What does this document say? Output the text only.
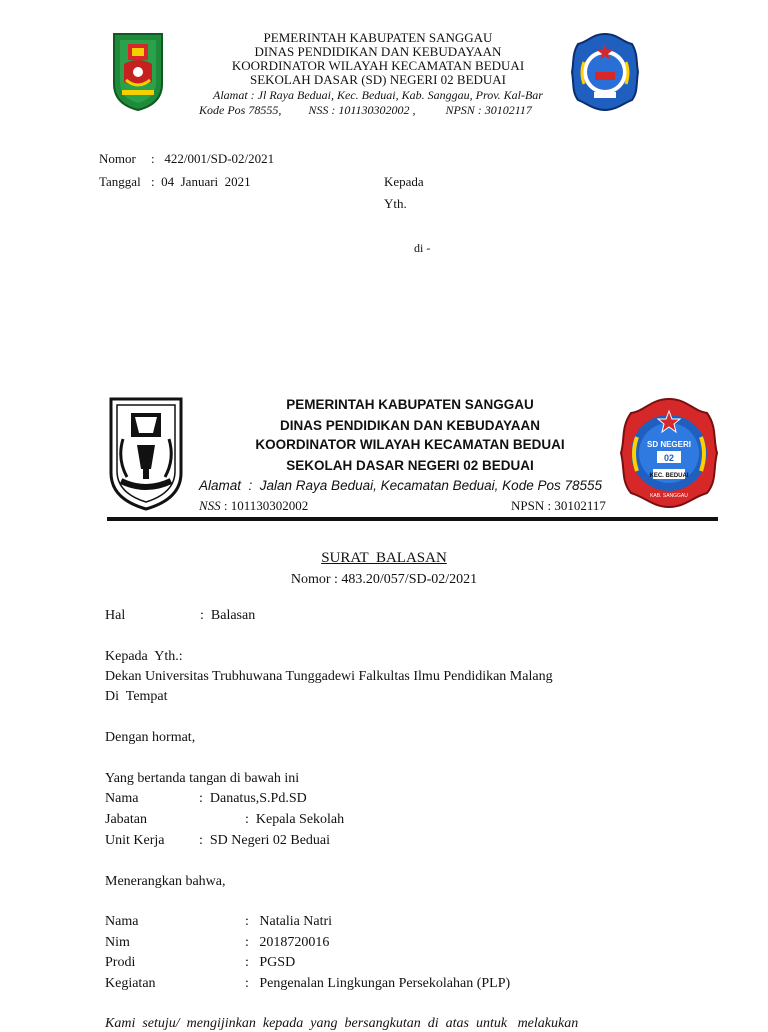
PEMERINTAH KABUPATEN SANGGAU
DINAS PENDIDIKAN DAN KEBUDAYAAN
KOORDINATOR WILAYAH KECAMATAN BEDUAI
SEKOLAH DASAR (SD) NEGERI 02 BEDUAI
Alamat : Jl Raya Beduai, Kec. Beduai, Kab. Sanggau, Prov. Kal-Bar
Kode Pos 78555,         NSS : 101130302002 ,          NPSN : 30102117
Nomor :   422/001/SD-02/2021
Tanggal :  04  Januari  2021	Kepada
Yth.
di -
PEMERINTAH KABUPATEN SANGGAU
DINAS PENDIDIKAN DAN KEBUDAYAAN
KOORDINATOR WILAYAH KECAMATAN BEDUAI
SEKOLAH DASAR NEGERI 02 BEDUAI
Alamat  :  Jalan Raya Beduai, Kecamatan Beduai, Kode Pos 78555
NSS : 101130302002	NPSN : 30102117
SD NEGERI
02
KEC. BEDUAI
KAB. SANGGAU
SURAT  BALASAN
Nomor : 483.20/057/SD-02/2021
Hal	:  Balasan
Kepada  Yth.:
Dekan Universitas Trubhuwana Tunggadewi Falkultas Ilmu Pendidikan Malang
Di  Tempat
Dengan hormat,
Yang bertanda tangan di bawah ini
Nama	:  Danatus,S.Pd.SD
Jabatan	:  Kepala Sekolah
Unit Kerja :  SD Negeri 02 Beduai
Menerangkan bahwa,
Nama	:   Natalia Natri
Nim	:   2018720016
Prodi	:   PGSD
Kegiatan	:   Pengenalan Lingkungan Persekolahan (PLP)
Kami  setuju/  mengijinkan  kepada  yang  bersangkutan  di  atas  untuk   melakukan
